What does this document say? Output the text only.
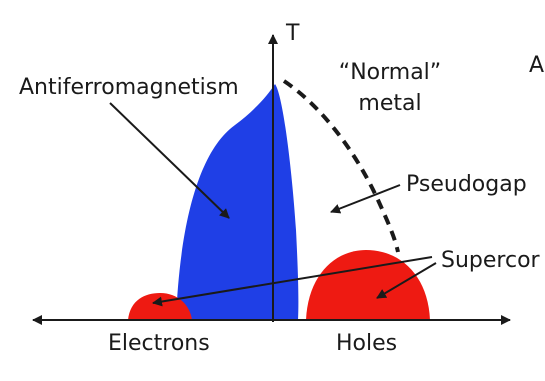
T
A
Antiferromagnetism
“Normal”
metal
Pseudogap
Supercor
Electrons	Holes
